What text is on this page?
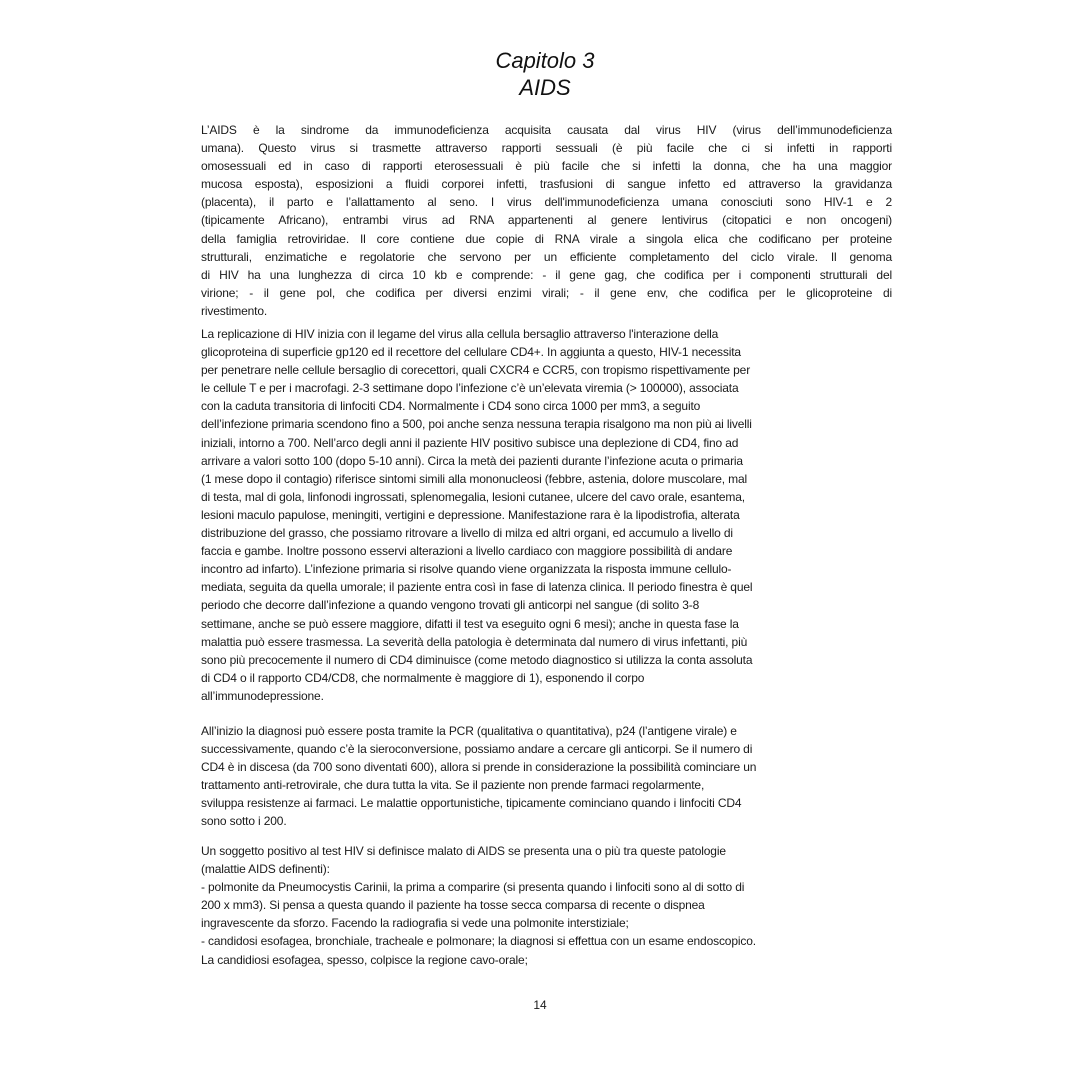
Capitolo 3
AIDS
L’AIDS è la sindrome da immunodeficienza acquisita causata dal virus HIV (virus dell’immunodeficienza
umana). Questo virus si trasmette attraverso rapporti sessuali (è più facile che ci si infetti in rapporti
omosessuali ed in caso di rapporti eterosessuali è più facile che si infetti la donna, che ha una maggior
mucosa esposta), esposizioni a fluidi corporei infetti, trasfusioni di sangue infetto ed attraverso la gravidanza
(placenta), il parto e l’allattamento al seno. I virus dell'immunodeficienza umana conosciuti sono HIV-1 e 2
(tipicamente Africano), entrambi virus ad RNA appartenenti al genere lentivirus (citopatici e non oncogeni)
della famiglia retroviridae. Il core contiene due copie di RNA virale a singola elica che codificano per proteine
strutturali, enzimatiche e regolatorie che servono per un efficiente completamento del ciclo virale. Il genoma
di HIV ha una lunghezza di circa 10 kb e comprende: - il gene gag, che codifica per i componenti strutturali del
virione; - il gene pol, che codifica per diversi enzimi virali; - il gene env, che codifica per le glicoproteine di
rivestimento.
La replicazione di HIV inizia con il legame del virus alla cellula bersaglio attraverso l'interazione della
glicoproteina di superficie gp120 ed il recettore del cellulare CD4+. In aggiunta a questo, HIV-1 necessita
per penetrare nelle cellule bersaglio di corecettori, quali CXCR4 e CCR5, con tropismo rispettivamente per
le cellule T e per i macrofagi. 2-3 settimane dopo l’infezione c’è un’elevata viremia (> 100000), associata
con la caduta transitoria di linfociti CD4. Normalmente i CD4 sono circa 1000 per mm3, a seguito
dell’infezione primaria scendono fino a 500, poi anche senza nessuna terapia risalgono ma non più ai livelli
iniziali, intorno a 700. Nell’arco degli anni il paziente HIV positivo subisce una deplezione di CD4, fino ad
arrivare a valori sotto 100 (dopo 5-10 anni). Circa la metà dei pazienti durante l’infezione acuta o primaria
(1 mese dopo il contagio) riferisce sintomi simili alla mononucleosi (febbre, astenia, dolore muscolare, mal
di testa, mal di gola, linfonodi ingrossati, splenomegalia, lesioni cutanee, ulcere del cavo orale, esantema,
lesioni maculo papulose, meningiti, vertigini e depressione. Manifestazione rara è la lipodistrofia, alterata
distribuzione del grasso, che possiamo ritrovare a livello di milza ed altri organi, ed accumulo a livello di
faccia e gambe. Inoltre possono esservi alterazioni a livello cardiaco con maggiore possibilità di andare
incontro ad infarto). L’infezione primaria si risolve quando viene organizzata la risposta immune cellulo-
mediata, seguita da quella umorale; il paziente entra così in fase di latenza clinica. Il periodo finestra è quel
periodo che decorre dall’infezione a quando vengono trovati gli anticorpi nel sangue (di solito 3-8
settimane, anche se può essere maggiore, difatti il test va eseguito ogni 6 mesi); anche in questa fase la
malattia può essere trasmessa. La severità della patologia è determinata dal numero di virus infettanti, più
sono più precocemente il numero di CD4 diminuisce (come metodo diagnostico si utilizza la conta assoluta
di CD4 o il rapporto CD4/CD8, che normalmente è maggiore di 1), esponendo il corpo
all’immunodepressione.
All’inizio la diagnosi può essere posta tramite la PCR (qualitativa o quantitativa), p24 (l’antigene virale) e
successivamente, quando c’è la sieroconversione, possiamo andare a cercare gli anticorpi. Se il numero di
CD4 è in discesa (da 700 sono diventati 600), allora si prende in considerazione la possibilità cominciare un
trattamento anti-retrovirale, che dura tutta la vita. Se il paziente non prende farmaci regolarmente,
sviluppa resistenze ai farmaci. Le malattie opportunistiche, tipicamente cominciano quando i linfociti CD4
sono sotto i 200.
Un soggetto positivo al test HIV si definisce malato di AIDS se presenta una o più tra queste patologie
(malattie AIDS definenti):
- polmonite da Pneumocystis Carinii, la prima a comparire (si presenta quando i linfociti sono al di sotto di
200 x mm3). Si pensa a questa quando il paziente ha tosse secca comparsa di recente o dispnea
ingravescente da sforzo. Facendo la radiografia si vede una polmonite interstiziale;
- candidosi esofagea, bronchiale, tracheale e polmonare; la diagnosi si effettua con un esame endoscopico.
La candidiosi esofagea, spesso, colpisce la regione cavo-orale;
14
